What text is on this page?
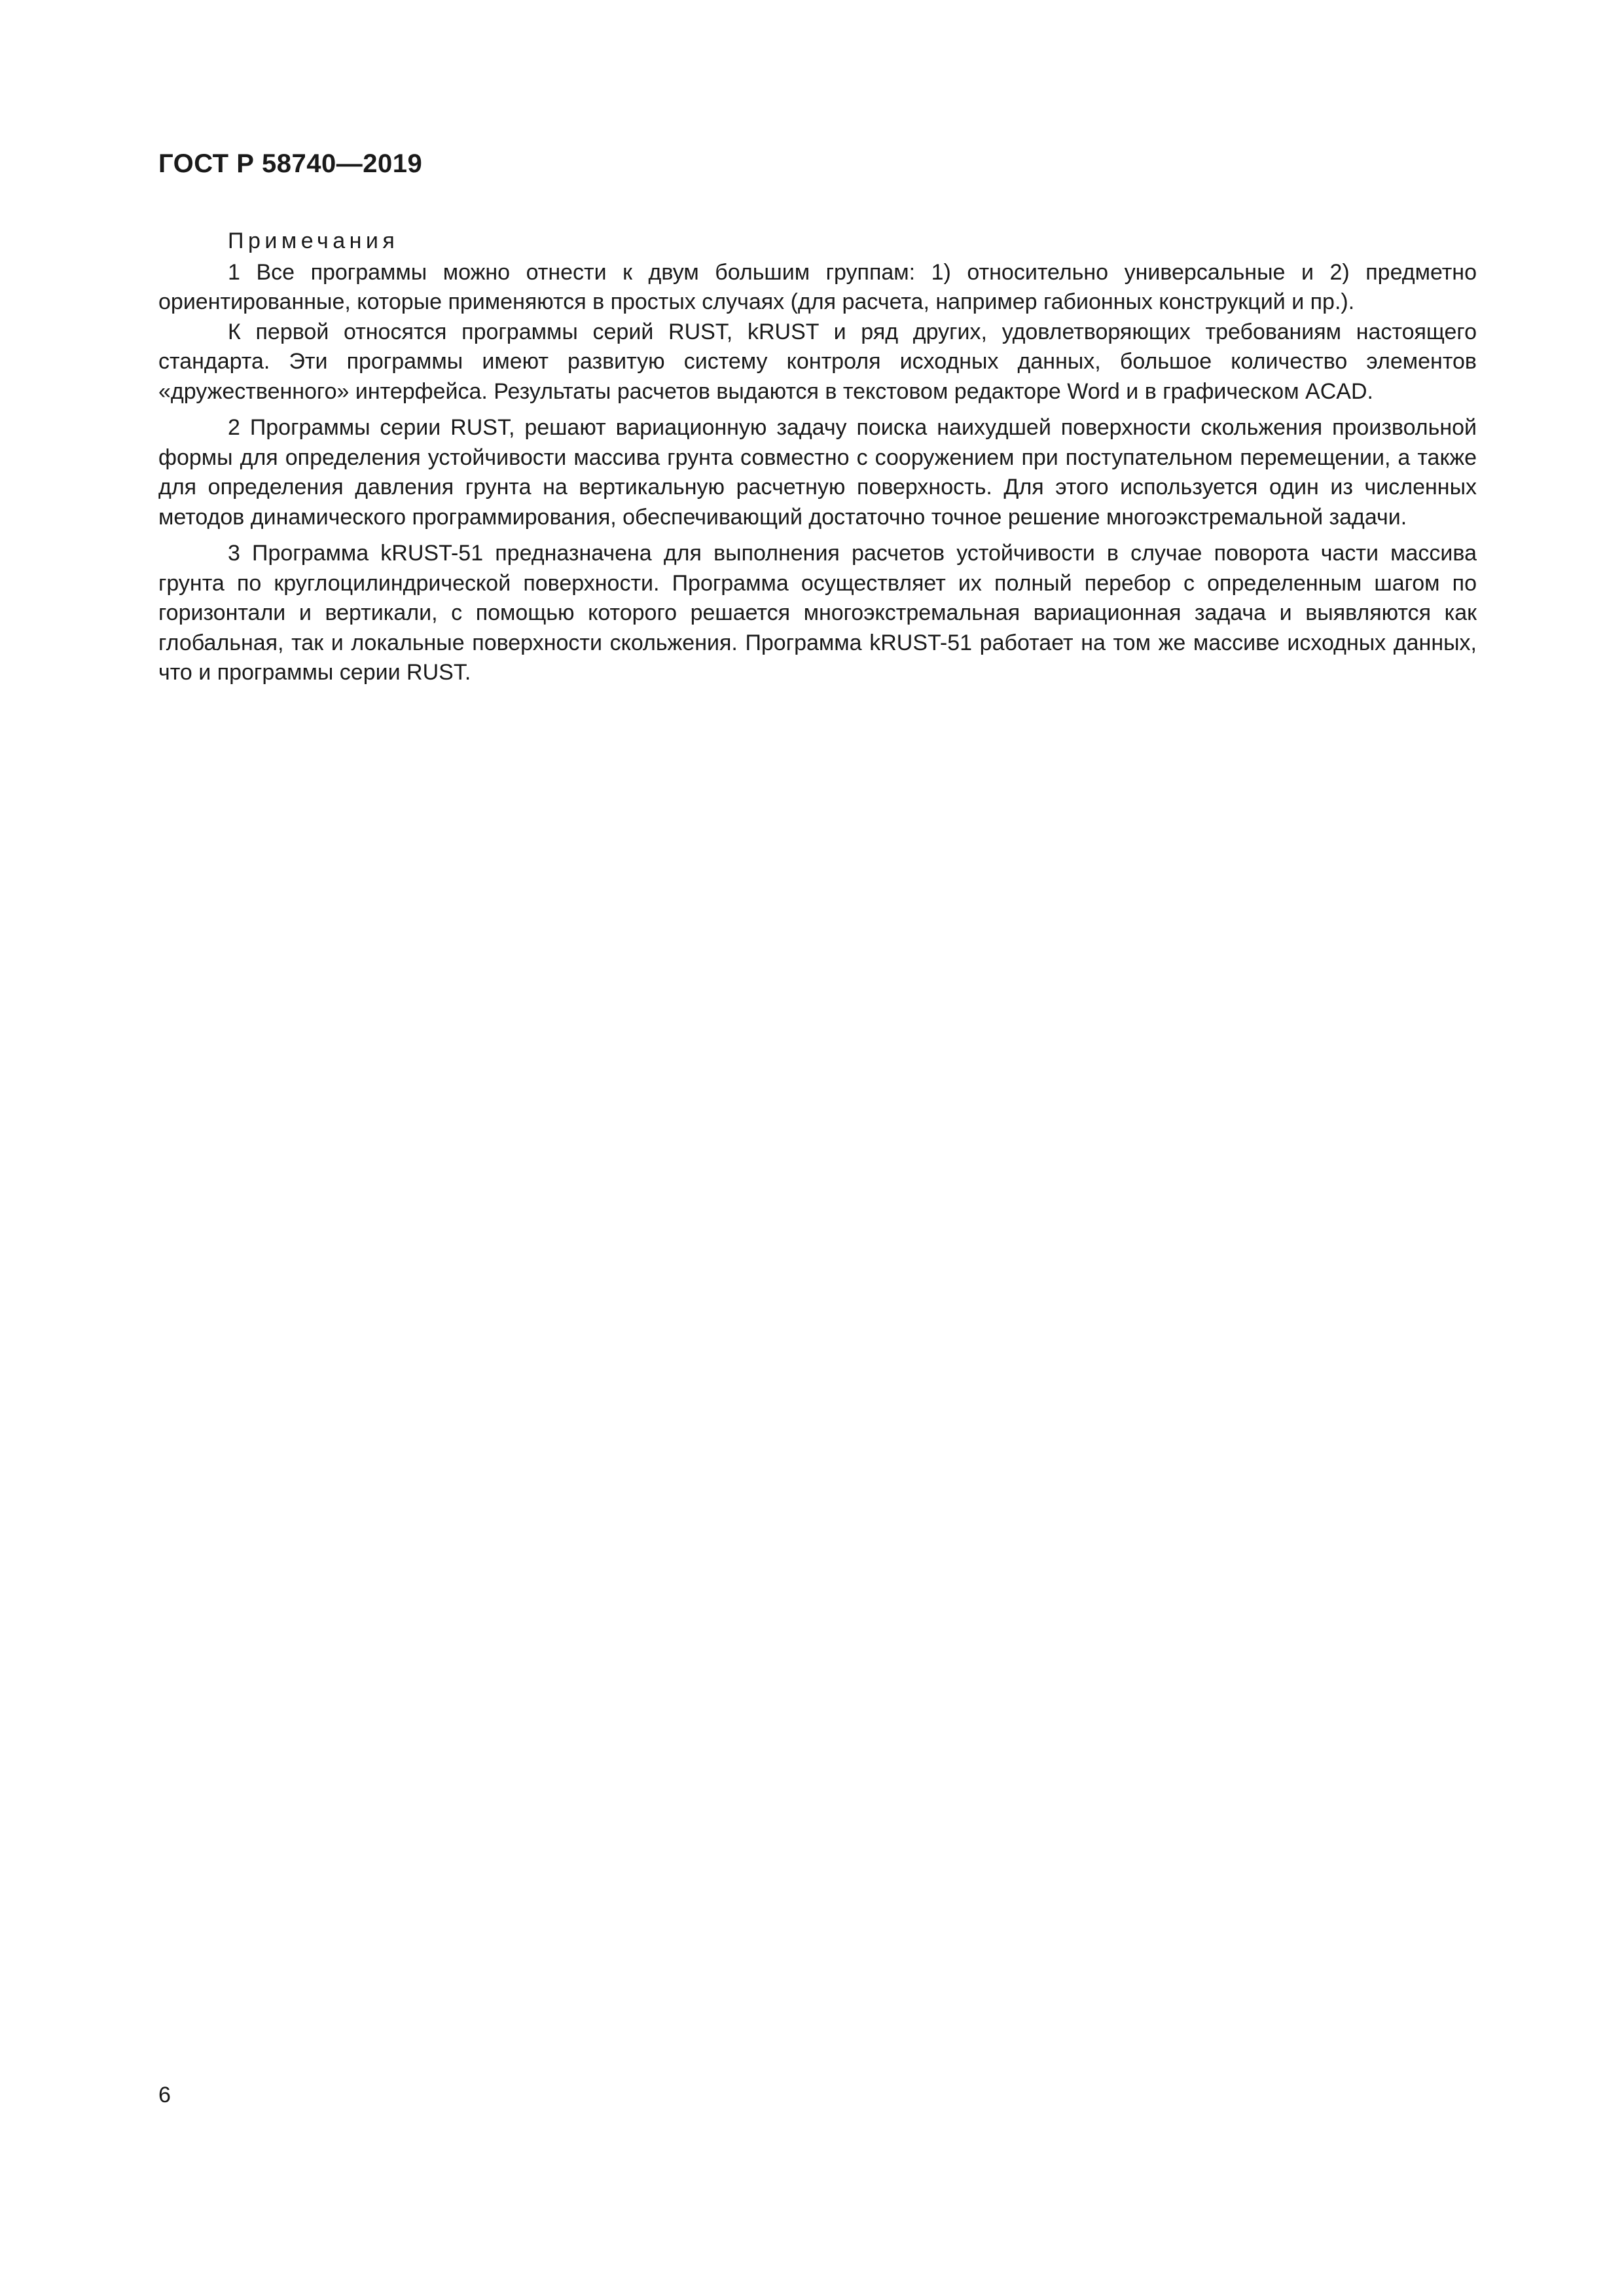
ГОСТ Р 58740—2019

Примечания

1 Все программы можно отнести к двум большим группам: 1) относительно универсальные и 2) предметно ориентированные, которые применяются в простых случаях (для расчета, например габионных конструкций и пр.).

К первой относятся программы серий RUST, kRUST и ряд других, удовлетворяющих требованиям настоящего стандарта. Эти программы имеют развитую систему контроля исходных данных, большое количество элементов «дружественного» интерфейса. Результаты расчетов выдаются в текстовом редакторе Word и в графическом ACAD.

2 Программы серии RUST, решают вариационную задачу поиска наихудшей поверхности скольжения произвольной формы для определения устойчивости массива грунта совместно с сооружением при поступательном перемещении, а также для определения давления грунта на вертикальную расчетную поверхность. Для этого используется один из численных методов динамического программирования, обеспечивающий достаточно точное решение многоэкстремальной задачи.

3 Программа kRUST-51 предназначена для выполнения расчетов устойчивости в случае поворота части массива грунта по круглоцилиндрической поверхности. Программа осуществляет их полный перебор с определенным шагом по горизонтали и вертикали, с помощью которого решается многоэкстремальная вариационная задача и выявляются как глобальная, так и локальные поверхности скольжения. Программа kRUST-51 работает на том же массиве исходных данных, что и программы серии RUST.

6
